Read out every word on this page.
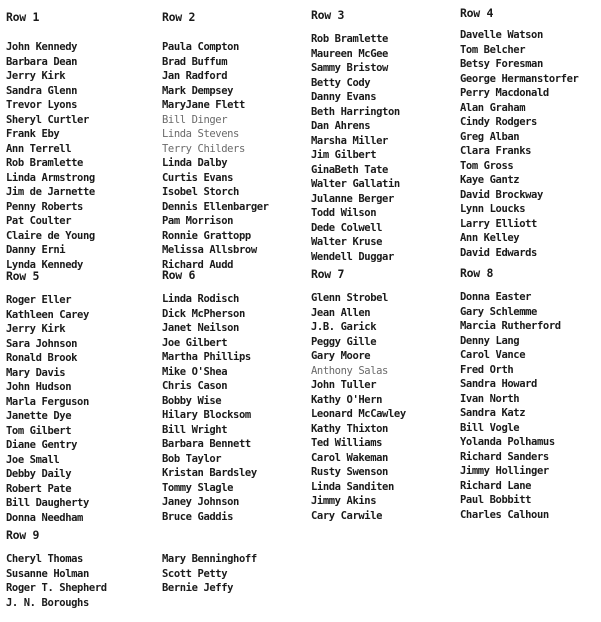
Row 1
John Kennedy
Barbara Dean
Jerry Kirk
Sandra Glenn
Trevor Lyons
Sheryl Curtler
Frank Eby
Ann Terrell
Rob Bramlette
Linda Armstrong
Jim de Jarnette
Penny Roberts
Pat Coulter
Claire de Young
Danny Erni
Lynda Kennedy
Row 2
Paula Compton
Brad Buffum
Jan Radford
Mark Dempsey
MaryJane Flett
Bill Dinger
Linda Stevens
Terry Childers
Linda Dalby
Curtis Evans
Isobel Storch
Dennis Ellenbarger
Pam Morrison
Ronnie Grattopp
Melissa Allsbrow
Richard Audd
Row 3
Rob Bramlette
Maureen McGee
Sammy Bristow
Betty Cody
Danny Evans
Beth Harrington
Dan Ahrens
Marsha Miller
Jim Gilbert
GinaBeth Tate
Walter Gallatin
Julanne Berger
Todd Wilson
Dede Colwell
Walter Kruse
Wendell Duggar
Row 4
Davelle Watson
Tom Belcher
Betsy Foresman
George Hermanstorfer
Perry Macdonald
Alan Graham
Cindy Rodgers
Greg Alban
Clara Franks
Tom Gross
Kaye Gantz
David Brockway
Lynn Loucks
Larry Elliott
Ann Kelley
David Edwards
Row 5
Roger Eller
Kathleen Carey
Jerry Kirk
Sara Johnson
Ronald Brook
Mary Davis
John Hudson
Marla Ferguson
Janette Dye
Tom Gilbert
Diane Gentry
Joe Small
Debby Daily
Robert Pate
Bill Daugherty
Donna Needham
Row 6
Linda Rodisch
Dick McPherson
Janet Neilson
Joe Gilbert
Martha Phillips
Mike O'Shea
Chris Cason
Bobby Wise
Hilary Blocksom
Bill Wright
Barbara Bennett
Bob Taylor
Kristan Bardsley
Tommy Slagle
Janey Johnson
Bruce Gaddis
Row 7
Glenn Strobel
Jean Allen
J.B. Garick
Peggy Gille
Gary Moore
Anthony Salas
John Tuller
Kathy O'Hern
Leonard McCawley
Kathy Thixton
Ted Williams
Carol Wakeman
Rusty Swenson
Linda Sanditen
Jimmy Akins
Cary Carwile
Row 8
Donna Easter
Gary Schlemme
Marcia Rutherford
Denny Lang
Carol Vance
Fred Orth
Sandra Howard
Ivan North
Sandra Katz
Bill Vogle
Yolanda Polhamus
Richard Sanders
Jimmy Hollinger
Richard Lane
Paul Bobbitt
Charles Calhoun
Row 9
Cheryl Thomas
Susanne Holman
Roger T. Shepherd
J. N. Boroughs
Mary Benninghoff
Scott Petty
Bernie Jeffy
